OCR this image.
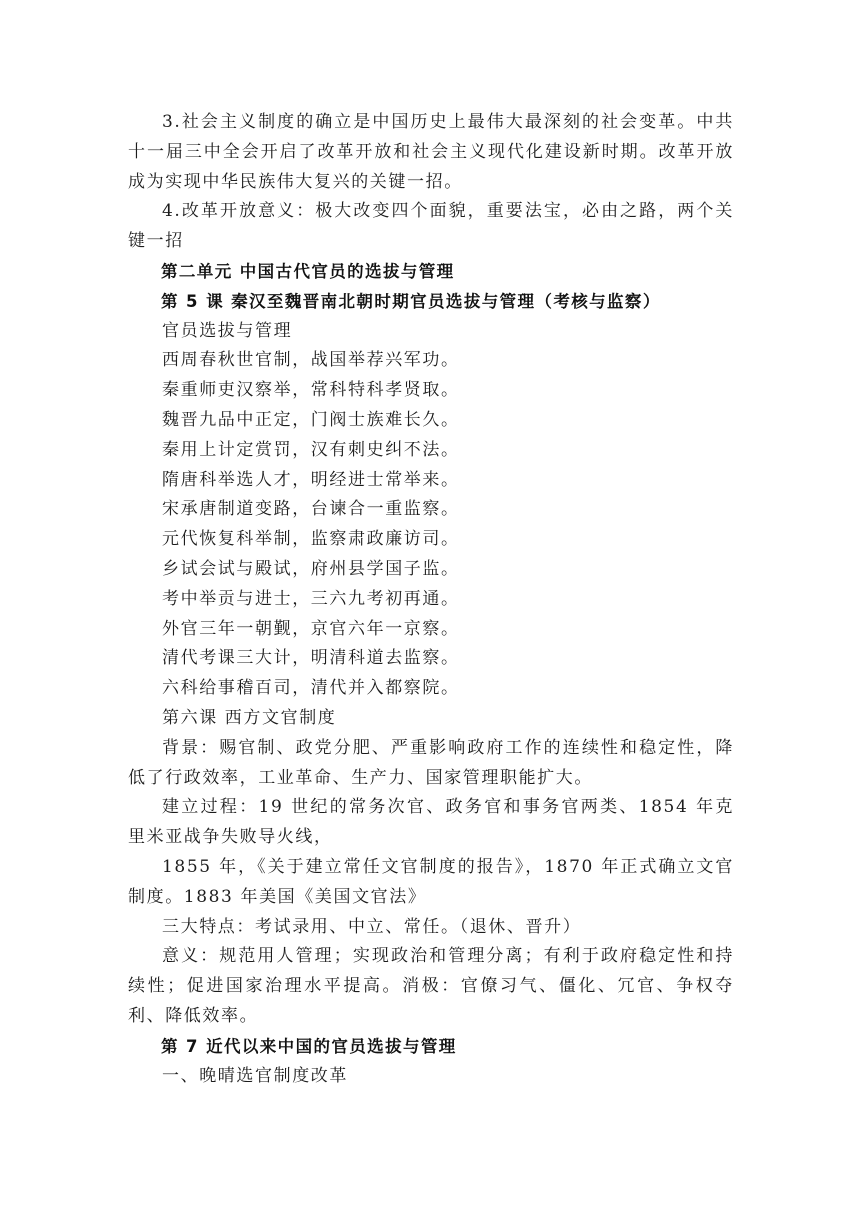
3.社会主义制度的确立是中国历史上最伟大最深刻的社会变革。中共十一届三中全会开启了改革开放和社会主义现代化建设新时期。改革开放成为实现中华民族伟大复兴的关键一招。

4.改革开放意义：极大改变四个面貌，重要法宝，必由之路，两个关键一招

第二单元 中国古代官员的选拔与管理

第 5 课 秦汉至魏晋南北朝时期官员选拔与管理（考核与监察）

官员选拔与管理

西周春秋世官制，战国举荐兴军功。

秦重师吏汉察举，常科特科孝贤取。

魏晋九品中正定，门阀士族难长久。

秦用上计定赏罚，汉有刺史纠不法。

隋唐科举选人才，明经进士常举来。

宋承唐制道变路，台谏合一重监察。

元代恢复科举制，监察肃政廉访司。

乡试会试与殿试，府州县学国子监。

考中举贡与进士，三六九考初再通。

外官三年一朝觐，京官六年一京察。

清代考课三大计，明清科道去监察。

六科给事稽百司，清代并入都察院。

第六课 西方文官制度

背景：赐官制、政党分肥、严重影响政府工作的连续性和稳定性，降低了行政效率，工业革命、生产力、国家管理职能扩大。

建立过程：19 世纪的常务次官、政务官和事务官两类、1854 年克里米亚战争失败导火线，

1855 年，《关于建立常任文官制度的报告》，1870 年正式确立文官制度。1883 年美国《美国文官法》

三大特点：考试录用、中立、常任。（退休、晋升）

意义：规范用人管理；实现政治和管理分离；有利于政府稳定性和持续性；促进国家治理水平提高。消极：官僚习气、僵化、冗官、争权夺利、降低效率。

第 7 近代以来中国的官员选拔与管理

一、晚晴选官制度改革
